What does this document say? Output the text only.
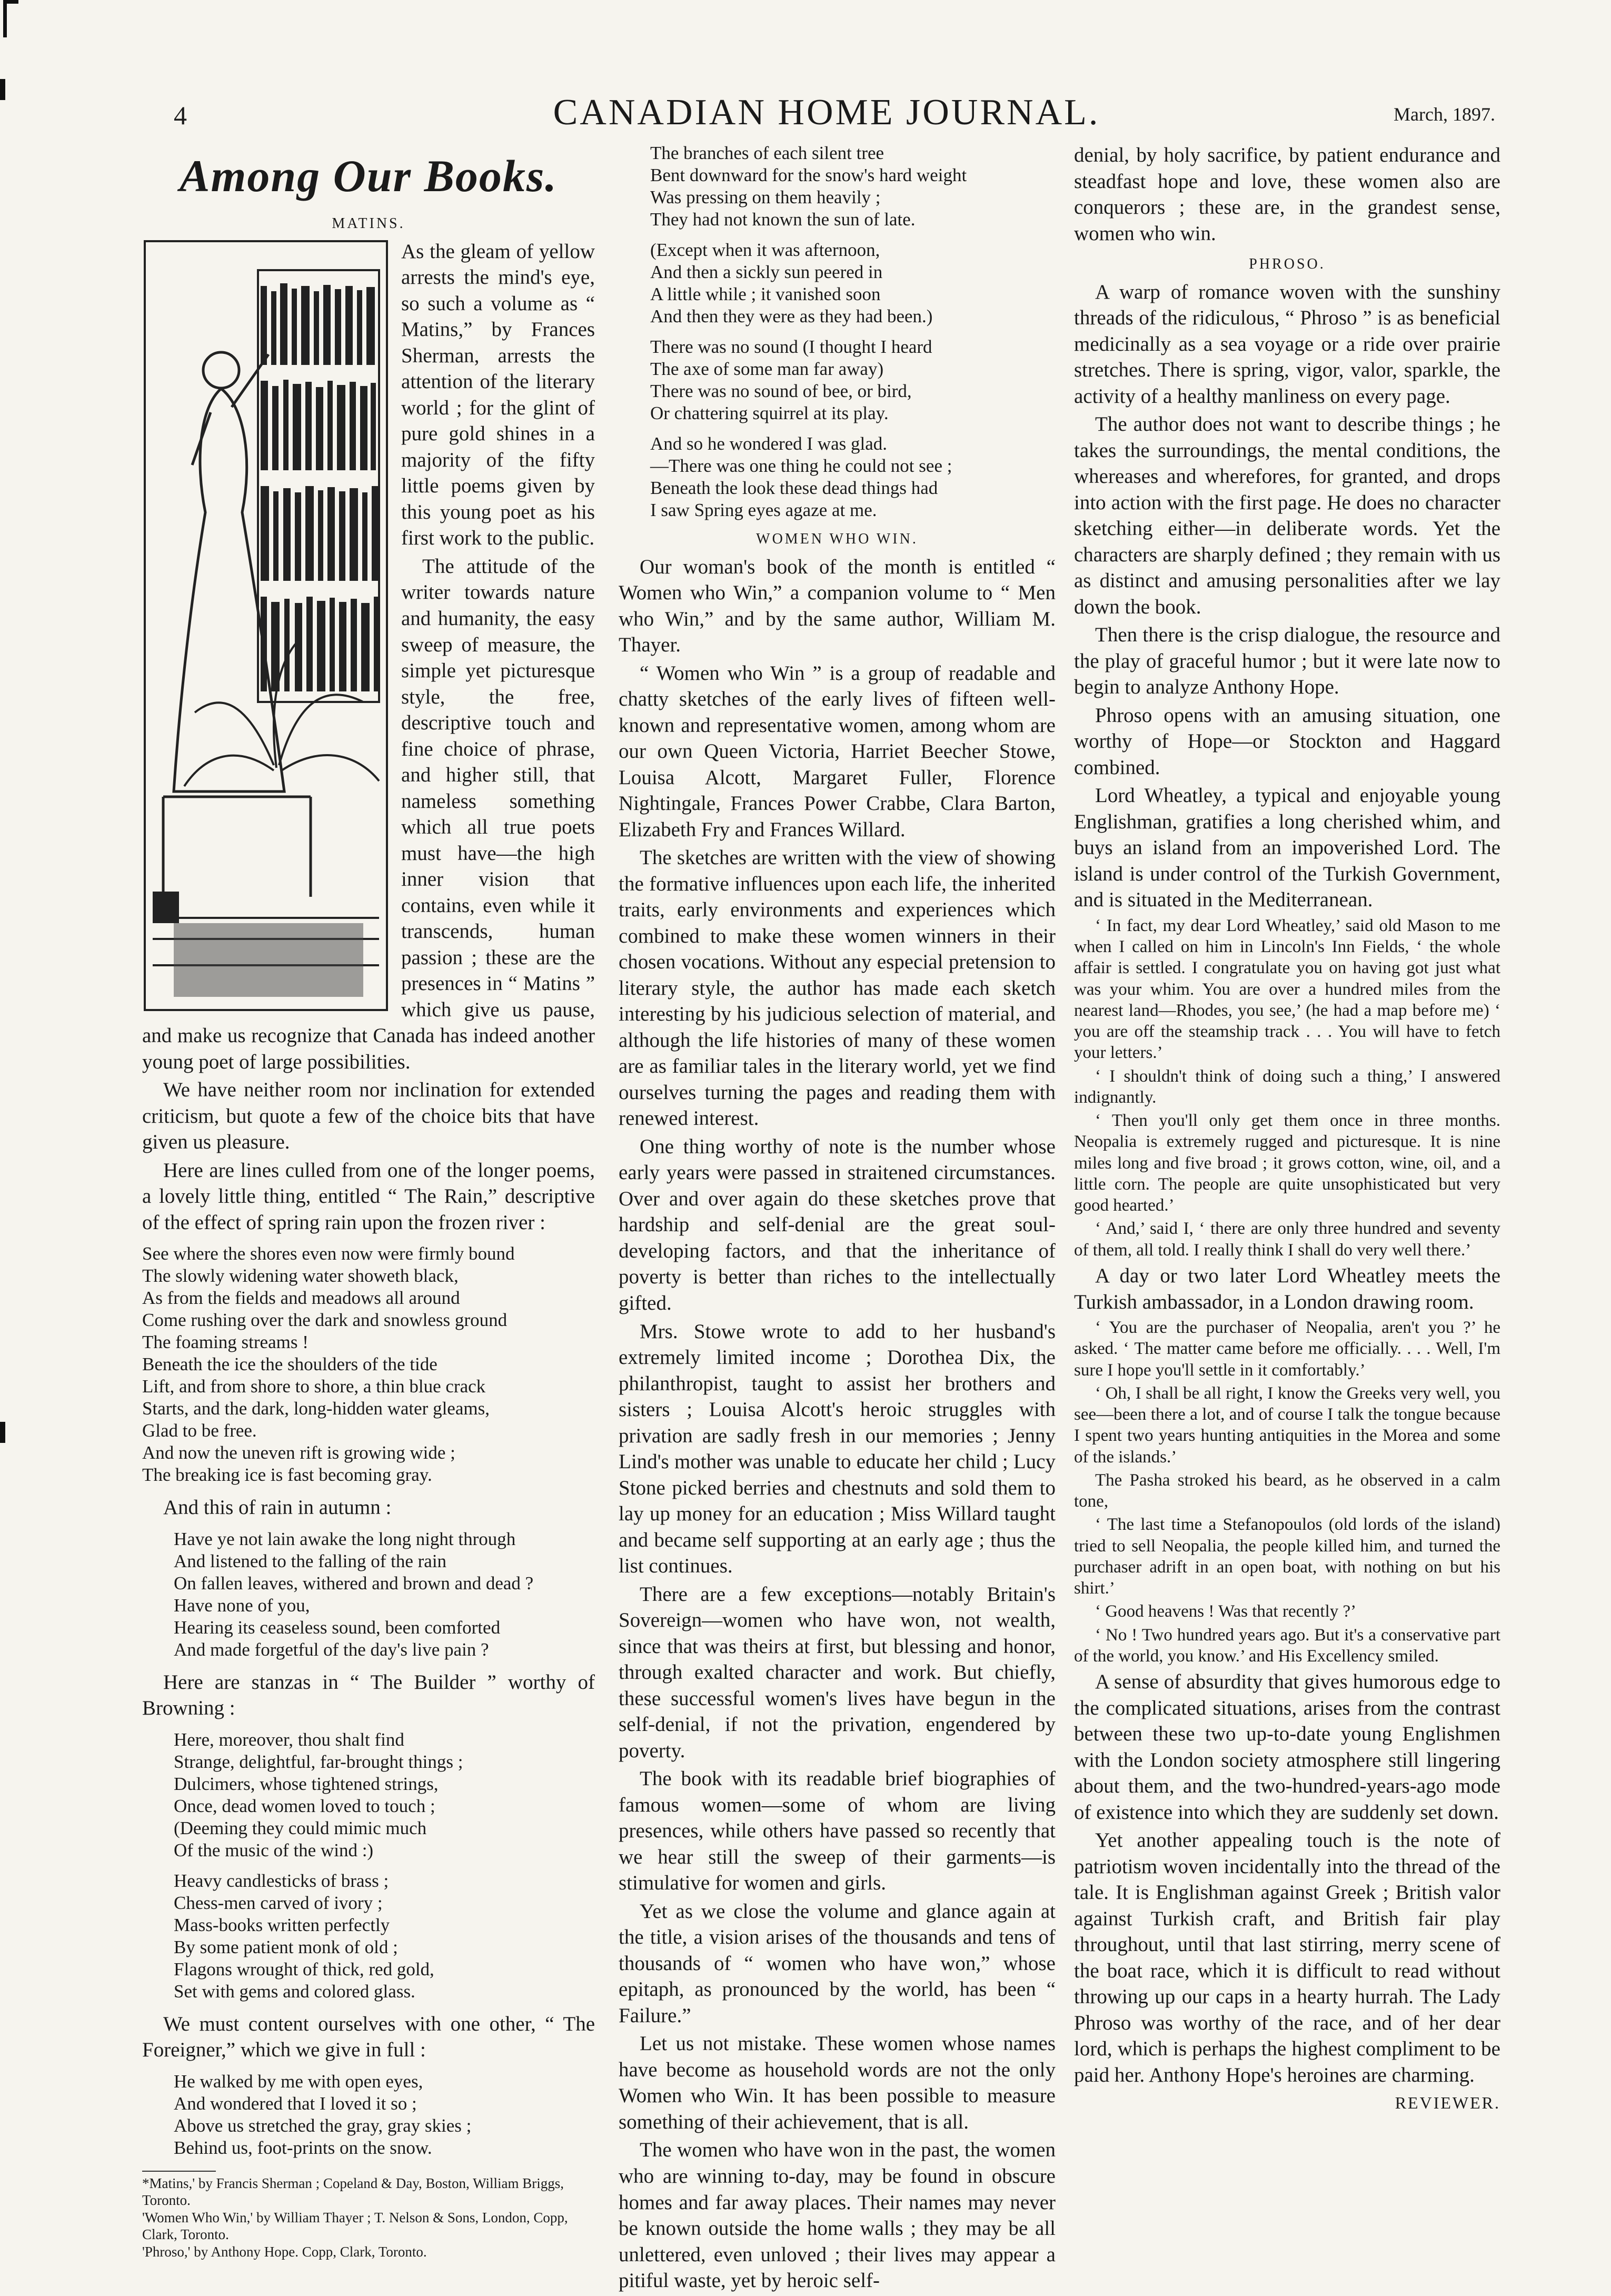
4	CANADIAN HOME JOURNAL.	March, 1897.
Among Our Books.
MATINS.

As the gleam of yellow arrests the mind's eye, so such a volume as “ Matins,” by Frances Sherman, arrests the attention of the literary world ; for the glint of pure gold shines in a majority of the fifty little poems given by this young poet as his first work to the public.

The attitude of the writer towards nature and humanity, the easy sweep of measure, the simple yet picturesque style, the free, descriptive touch and fine choice of phrase, and higher still, that nameless something which all true poets must have—the high inner vision that contains, even while it transcends, human passion ; these are the presences in “ Matins ” which give us pause, and make us recognize that Canada has indeed another young poet of large possibilities.

We have neither room nor inclination for extended criticism, but quote a few of the choice bits that have given us pleasure.

Here are lines culled from one of the longer poems, a lovely little thing, entitled “ The Rain,” descriptive of the effect of spring rain upon the frozen river :

See where the shores even now were firmly bound
The slowly widening water showeth black,
As from the fields and meadows all around
Come rushing over the dark and snowless ground
The foaming streams !
Beneath the ice the shoulders of the tide
Lift, and from shore to shore, a thin blue crack
Starts, and the dark, long-hidden water gleams,
Glad to be free.
And now the uneven rift is growing wide ;
The breaking ice is fast becoming gray.

And this of rain in autumn :

Have ye not lain awake the long night through
And listened to the falling of the rain
On fallen leaves, withered and brown and dead ?
Have none of you,
Hearing its ceaseless sound, been comforted
And made forgetful of the day's live pain ?

Here are stanzas in “ The Builder ” worthy of Browning :

Here, moreover, thou shalt find
Strange, delightful, far-brought things ;
Dulcimers, whose tightened strings,
Once, dead women loved to touch ;
(Deeming they could mimic much
Of the music of the wind :)
Heavy candlesticks of brass ;
Chess-men carved of ivory ;
Mass-books written perfectly
By some patient monk of old ;
Flagons wrought of thick, red gold,
Set with gems and colored glass.

We must content ourselves with one other, “ The Foreigner,” which we give in full :

He walked by me with open eyes,
And wondered that I loved it so ;
Above us stretched the gray, gray skies ;
Behind us, foot-prints on the snow.
*Matins,' by Francis Sherman ; Copeland & Day, Boston, William Briggs, Toronto.
'Women Who Win,' by William Thayer ; T. Nelson & Sons, London, Copp, Clark, Toronto.
'Phroso,' by Anthony Hope. Copp, Clark, Toronto.
The branches of each silent tree
Bent downward for the snow's hard weight
Was pressing on them heavily ;
They had not known the sun of late.
(Except when it was afternoon,
And then a sickly sun peered in
A little while ; it vanished soon
And then they were as they had been.)
There was no sound (I thought I heard
The axe of some man far away)
There was no sound of bee, or bird,
Or chattering squirrel at its play.
And so he wondered I was glad.
—There was one thing he could not see ;
Beneath the look these dead things had
I saw Spring eyes agaze at me.
WOMEN WHO WIN.

Our woman's book of the month is entitled “ Women who Win,” a companion volume to “ Men who Win,” and by the same author, William M. Thayer.

“ Women who Win ” is a group of readable and chatty sketches of the early lives of fifteen well-known and representative women, among whom are our own Queen Victoria, Harriet Beecher Stowe, Louisa Alcott, Margaret Fuller, Florence Nightingale, Frances Power Crabbe, Clara Barton, Elizabeth Fry and Frances Willard.

The sketches are written with the view of showing the formative influences upon each life, the inherited traits, early environments and experiences which combined to make these women winners in their chosen vocations. Without any especial pretension to literary style, the author has made each sketch interesting by his judicious selection of material, and although the life histories of many of these women are as familiar tales in the literary world, yet we find ourselves turning the pages and reading them with renewed interest.

One thing worthy of note is the number whose early years were passed in straitened circumstances. Over and over again do these sketches prove that hardship and self-denial are the great soul-developing factors, and that the inheritance of poverty is better than riches to the intellectually gifted.

Mrs. Stowe wrote to add to her husband's extremely limited income ; Dorothea Dix, the philanthropist, taught to assist her brothers and sisters ; Louisa Alcott's heroic struggles with privation are sadly fresh in our memories ; Jenny Lind's mother was unable to educate her child ; Lucy Stone picked berries and chestnuts and sold them to lay up money for an education ; Miss Willard taught and became self supporting at an early age ; thus the list continues.

There are a few exceptions—notably Britain's Sovereign—women who have won, not wealth, since that was theirs at first, but blessing and honor, through exalted character and work. But chiefly, these successful women's lives have begun in the self-denial, if not the privation, engendered by poverty.

The book with its readable brief biographies of famous women—some of whom are living presences, while others have passed so recently that we hear still the sweep of their garments—is stimulative for women and girls.

Yet as we close the volume and glance again at the title, a vision arises of the thousands and tens of thousands of “ women who have won,” whose epitaph, as pronounced by the world, has been “ Failure.”

Let us not mistake. These women whose names have become as household words are not the only Women who Win. It has been possible to measure something of their achievement, that is all.

The women who have won in the past, the women who are winning to-day, may be found in obscure homes and far away places. Their names may never be known outside the home walls ; they may be all unlettered, even unloved ; their lives may appear a pitiful waste, yet by heroic self-

denial, by holy sacrifice, by patient endurance and steadfast hope and love, these women also are conquerors ; these are, in the grandest sense, women who win.

PHROSO.

A warp of romance woven with the sunshiny threads of the ridiculous, “ Phroso ” is as beneficial medicinally as a sea voyage or a ride over prairie stretches. There is spring, vigor, valor, sparkle, the activity of a healthy manliness on every page.

The author does not want to describe things ; he takes the surroundings, the mental conditions, the whereases and wherefores, for granted, and drops into action with the first page. He does no character sketching either—in deliberate words. Yet the characters are sharply defined ; they remain with us as distinct and amusing personalities after we lay down the book.

Then there is the crisp dialogue, the resource and the play of graceful humor ; but it were late now to begin to analyze Anthony Hope.

Phroso opens with an amusing situation, one worthy of Hope—or Stockton and Haggard combined.

Lord Wheatley, a typical and enjoyable young Englishman, gratifies a long cherished whim, and buys an island from an impoverished Lord. The island is under control of the Turkish Government, and is situated in the Mediterranean.

‘ In fact, my dear Lord Wheatley,’ said old Mason to me when I called on him in Lincoln's Inn Fields, ‘ the whole affair is settled. I congratulate you on having got just what was your whim. You are over a hundred miles from the nearest land—Rhodes, you see,’ (he had a map before me) ‘ you are off the steamship track . . . You will have to fetch your letters.’

‘ I shouldn't think of doing such a thing,’ I answered indignantly.

‘ Then you'll only get them once in three months. Neopalia is extremely rugged and picturesque. It is nine miles long and five broad ; it grows cotton, wine, oil, and a little corn. The people are quite unsophisticated but very good hearted.’

‘ And,’ said I, ‘ there are only three hundred and seventy of them, all told. I really think I shall do very well there.’

A day or two later Lord Wheatley meets the Turkish ambassador, in a London drawing room.

‘ You are the purchaser of Neopalia, aren't you ?’ he asked. ‘ The matter came before me officially. . . . Well, I'm sure I hope you'll settle in it comfortably.’

‘ Oh, I shall be all right, I know the Greeks very well, you see—been there a lot, and of course I talk the tongue because I spent two years hunting antiquities in the Morea and some of the islands.’

The Pasha stroked his beard, as he observed in a calm tone,

‘ The last time a Stefanopoulos (old lords of the island) tried to sell Neopalia, the people killed him, and turned the purchaser adrift in an open boat, with nothing on but his shirt.’

‘ Good heavens ! Was that recently ?’

‘ No ! Two hundred years ago. But it's a conservative part of the world, you know.’ and His Excellency smiled.

A sense of absurdity that gives humorous edge to the complicated situations, arises from the contrast between these two up-to-date young Englishmen with the London society atmosphere still lingering about them, and the two-hundred-years-ago mode of existence into which they are suddenly set down.

Yet another appealing touch is the note of patriotism woven incidentally into the thread of the tale. It is Englishman against Greek ; British valor against Turkish craft, and British fair play throughout, until that last stirring, merry scene of the boat race, which it is difficult to read without throwing up our caps in a hearty hurrah. The Lady Phroso was worthy of the race, and of her dear lord, which is perhaps the highest compliment to be paid her. Anthony Hope's heroines are charming.

REVIEWER.
